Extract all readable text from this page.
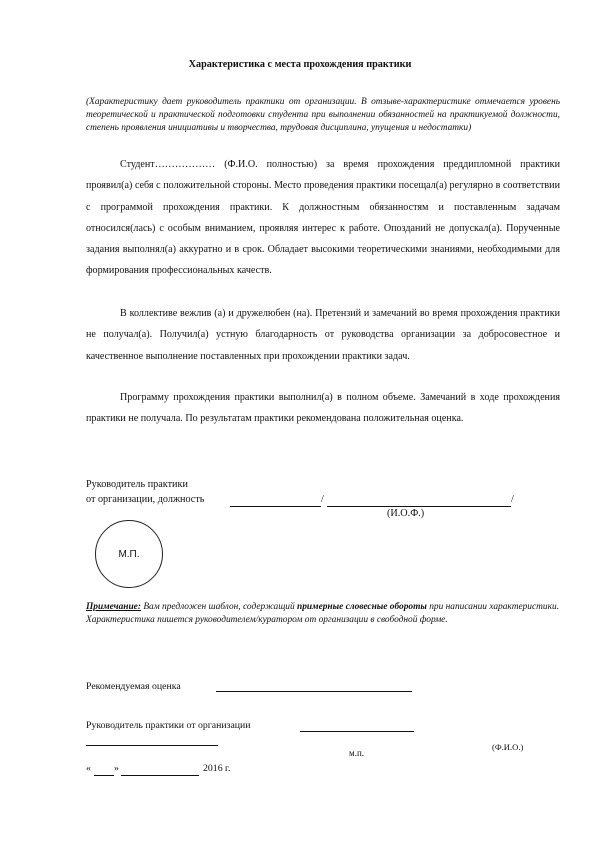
Характеристика с места прохождения практики
(Характеристику дает руководитель практики от организации. В отзыве-характеристике отмечается уровень теоретической и практической подготовки студента при выполнении обязанностей на практикуемой должности, степень проявления инициативы и творчества, трудовая дисциплина, упущения и недостатки)
Студент……………… (Ф.И.О. полностью) за время прохождения преддипломной практики проявил(а) себя с положительной стороны. Место проведения практики посещал(а) регулярно в соответствии с программой прохождения практики. К должностным обязанностям и поставленным задачам относился(лась) с особым вниманием, проявляя интерес к работе. Опозданий не допускал(а). Порученные задания выполнял(а) аккуратно и в срок. Обладает высокими теоретическими знаниями, необходимыми для формирования профессиональных качеств.
В коллективе вежлив (а) и дружелюбен (на). Претензий и замечаний во время прохождения практики не получал(а). Получил(а) устную благодарность от руководства организации за добросовестное и качественное выполнение поставленных при прохождении практики задач.
Программу прохождения практики выполнил(а) в полном объеме. Замечаний в ходе прохождения практики не получала. По результатам практики рекомендована положительная оценка.
Руководитель практики
от организации, должность	/	/
(И.О.Ф.)
М.П.
Примечание: Вам предложен шаблон, содержащий примерные словесные обороты при написании характеристики. Характеристика пишется руководителем/куратором от организации в свободной форме.
Рекомендуемая оценка
Руководитель практики от организации
м.п.
(Ф.И.О.)
« »	2016 г.
